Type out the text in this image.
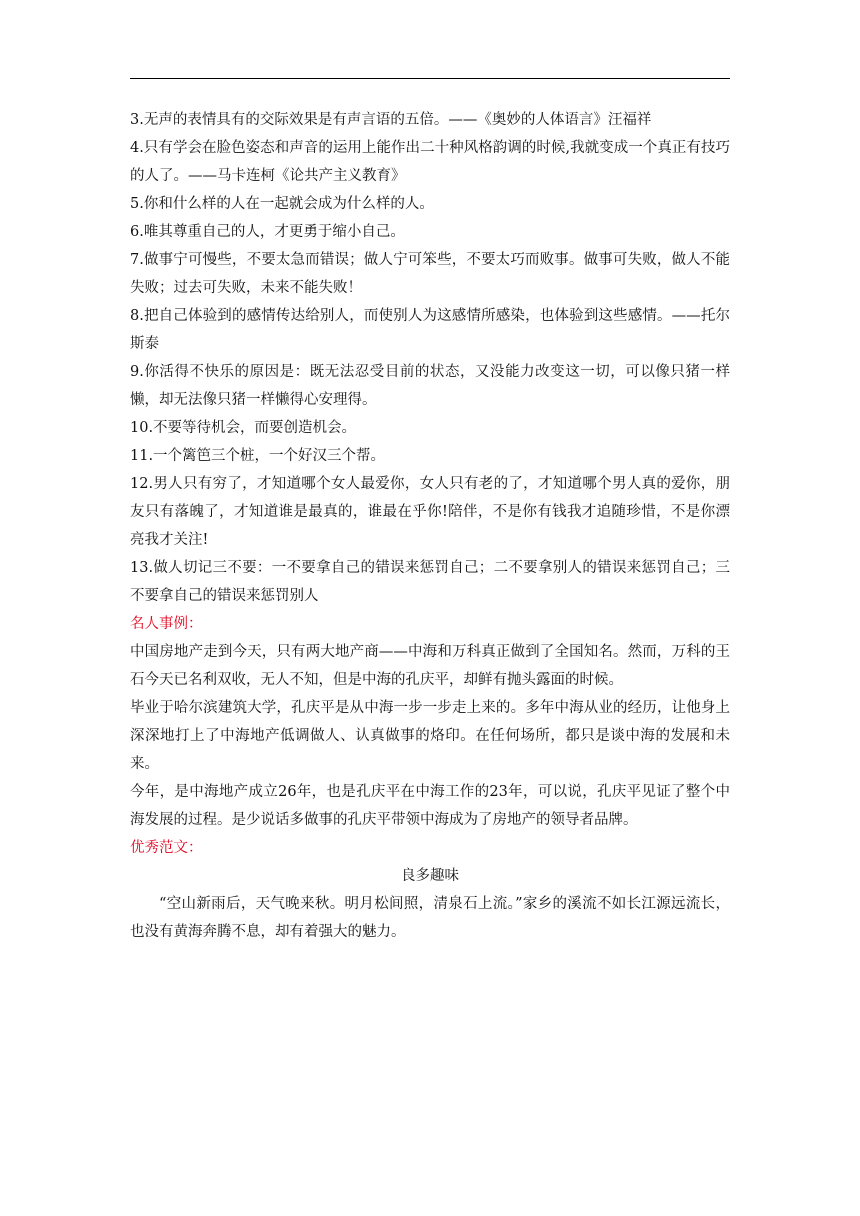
3.无声的表情具有的交际效果是有声言语的五倍。——《奥妙的人体语言》汪福祥

4.只有学会在脸色姿态和声音的运用上能作出二十种风格韵调的时候,我就变成一个真正有技巧的人了。——马卡连柯《论共产主义教育》

5.你和什么样的人在一起就会成为什么样的人。

6.唯其尊重自己的人，才更勇于缩小自己。

7.做事宁可慢些，不要太急而错误；做人宁可笨些，不要太巧而败事。做事可失败，做人不能失败；过去可失败，未来不能失败！

8.把自己体验到的感情传达给别人，而使别人为这感情所感染，也体验到这些感情。——托尔斯泰

9.你活得不快乐的原因是：既无法忍受目前的状态，又没能力改变这一切，可以像只猪一样懒，却无法像只猪一样懒得心安理得。

10.不要等待机会，而要创造机会。

11.一个篱笆三个桩，一个好汉三个帮。

12.男人只有穷了，才知道哪个女人最爱你，女人只有老的了，才知道哪个男人真的爱你，朋友只有落魄了，才知道谁是最真的，谁最在乎你!陪伴，不是你有钱我才追随珍惜，不是你漂亮我才关注!

13.做人切记三不要：一不要拿自己的错误来惩罚自己；二不要拿别人的错误来惩罚自己；三不要拿自己的错误来惩罚别人

名人事例：

中国房地产走到今天，只有两大地产商——中海和万科真正做到了全国知名。然而，万科的王石今天已名利双收，无人不知，但是中海的孔庆平，却鲜有抛头露面的时候。

毕业于哈尔滨建筑大学，孔庆平是从中海一步一步走上来的。多年中海从业的经历，让他身上深深地打上了中海地产低调做人、认真做事的烙印。在任何场所，都只是谈中海的发展和未来。

今年，是中海地产成立26年，也是孔庆平在中海工作的23年，可以说，孔庆平见证了整个中海发展的过程。是少说话多做事的孔庆平带领中海成为了房地产的领导者品牌。

优秀范文：

良多趣味

“空山新雨后，天气晚来秋。明月松间照，清泉石上流。”家乡的溪流不如长江源远流长，也没有黄海奔腾不息，却有着强大的魅力。
